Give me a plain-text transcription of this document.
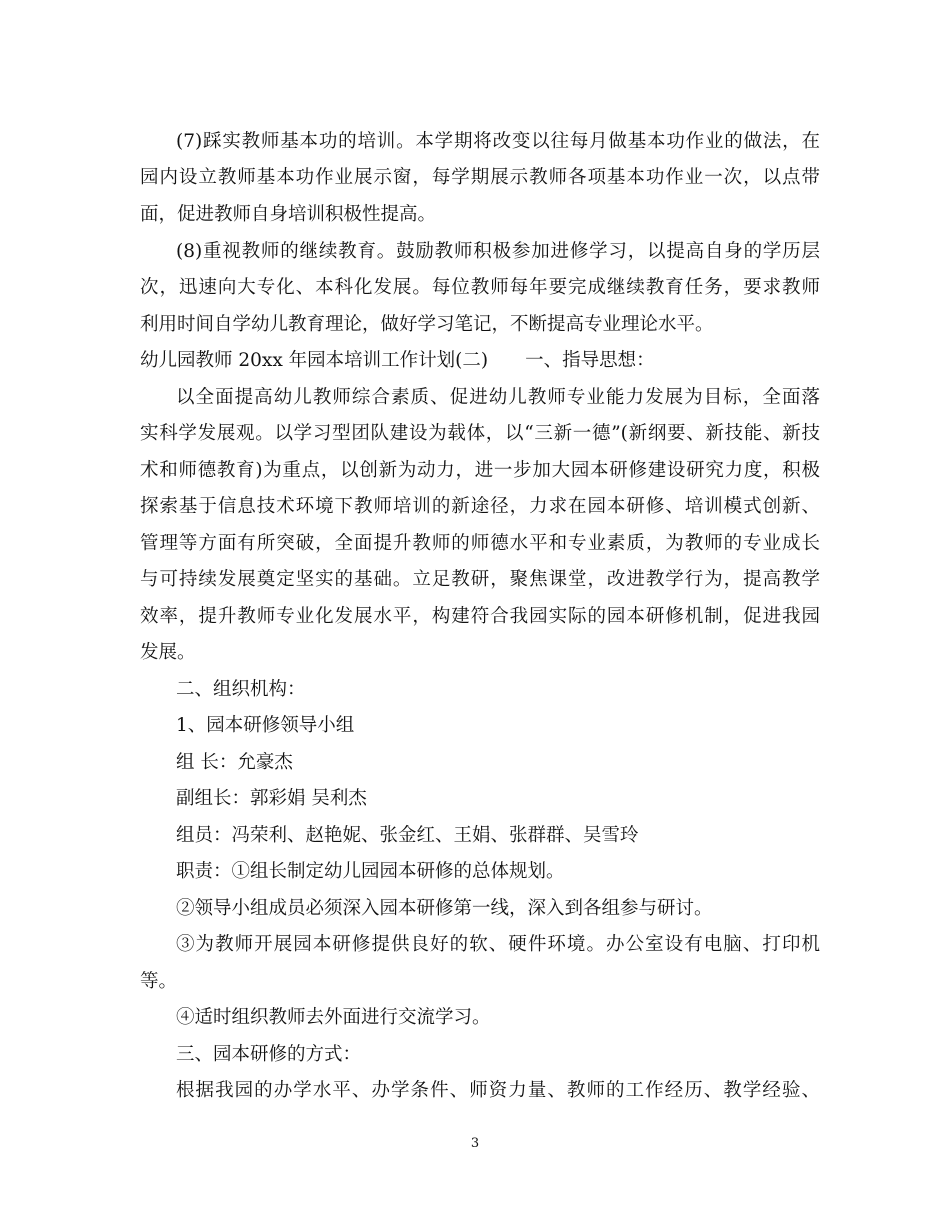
(7)踩实教师基本功的培训。本学期将改变以往每月做基本功作业的做法，在
园内设立教师基本功作业展示窗，每学期展示教师各项基本功作业一次，以点带
面，促进教师自身培训积极性提高。
(8)重视教师的继续教育。鼓励教师积极参加进修学习，以提高自身的学历层
次，迅速向大专化、本科化发展。每位教师每年要完成继续教育任务，要求教师
利用时间自学幼儿教育理论，做好学习笔记，不断提高专业理论水平。
幼儿园教师 20xx 年园本培训工作计划(二)　　一、指导思想：
以全面提高幼儿教师综合素质、促进幼儿教师专业能力发展为目标，全面落
实科学发展观。以学习型团队建设为载体，以“三新一德”(新纲要、新技能、新技
术和师德教育)为重点，以创新为动力，进一步加大园本研修建设研究力度，积极
探索基于信息技术环境下教师培训的新途径，力求在园本研修、培训模式创新、
管理等方面有所突破，全面提升教师的师德水平和专业素质，为教师的专业成长
与可持续发展奠定坚实的基础。立足教研，聚焦课堂，改进教学行为，提高教学
效率，提升教师专业化发展水平，构建符合我园实际的园本研修机制，促进我园
发展。
二、组织机构：
1、园本研修领导小组
组 长：允豪杰
副组长：郭彩娟 吴利杰
组员：冯荣利、赵艳妮、张金红、王娟、张群群、吴雪玲
职责：①组长制定幼儿园园本研修的总体规划。
②领导小组成员必须深入园本研修第一线，深入到各组参与研讨。
③为教师开展园本研修提供良好的软、硬件环境。办公室设有电脑、打印机
等。
④适时组织教师去外面进行交流学习。
三、园本研修的方式：
根据我园的办学水平、办学条件、师资力量、教师的工作经历、教学经验、
3
